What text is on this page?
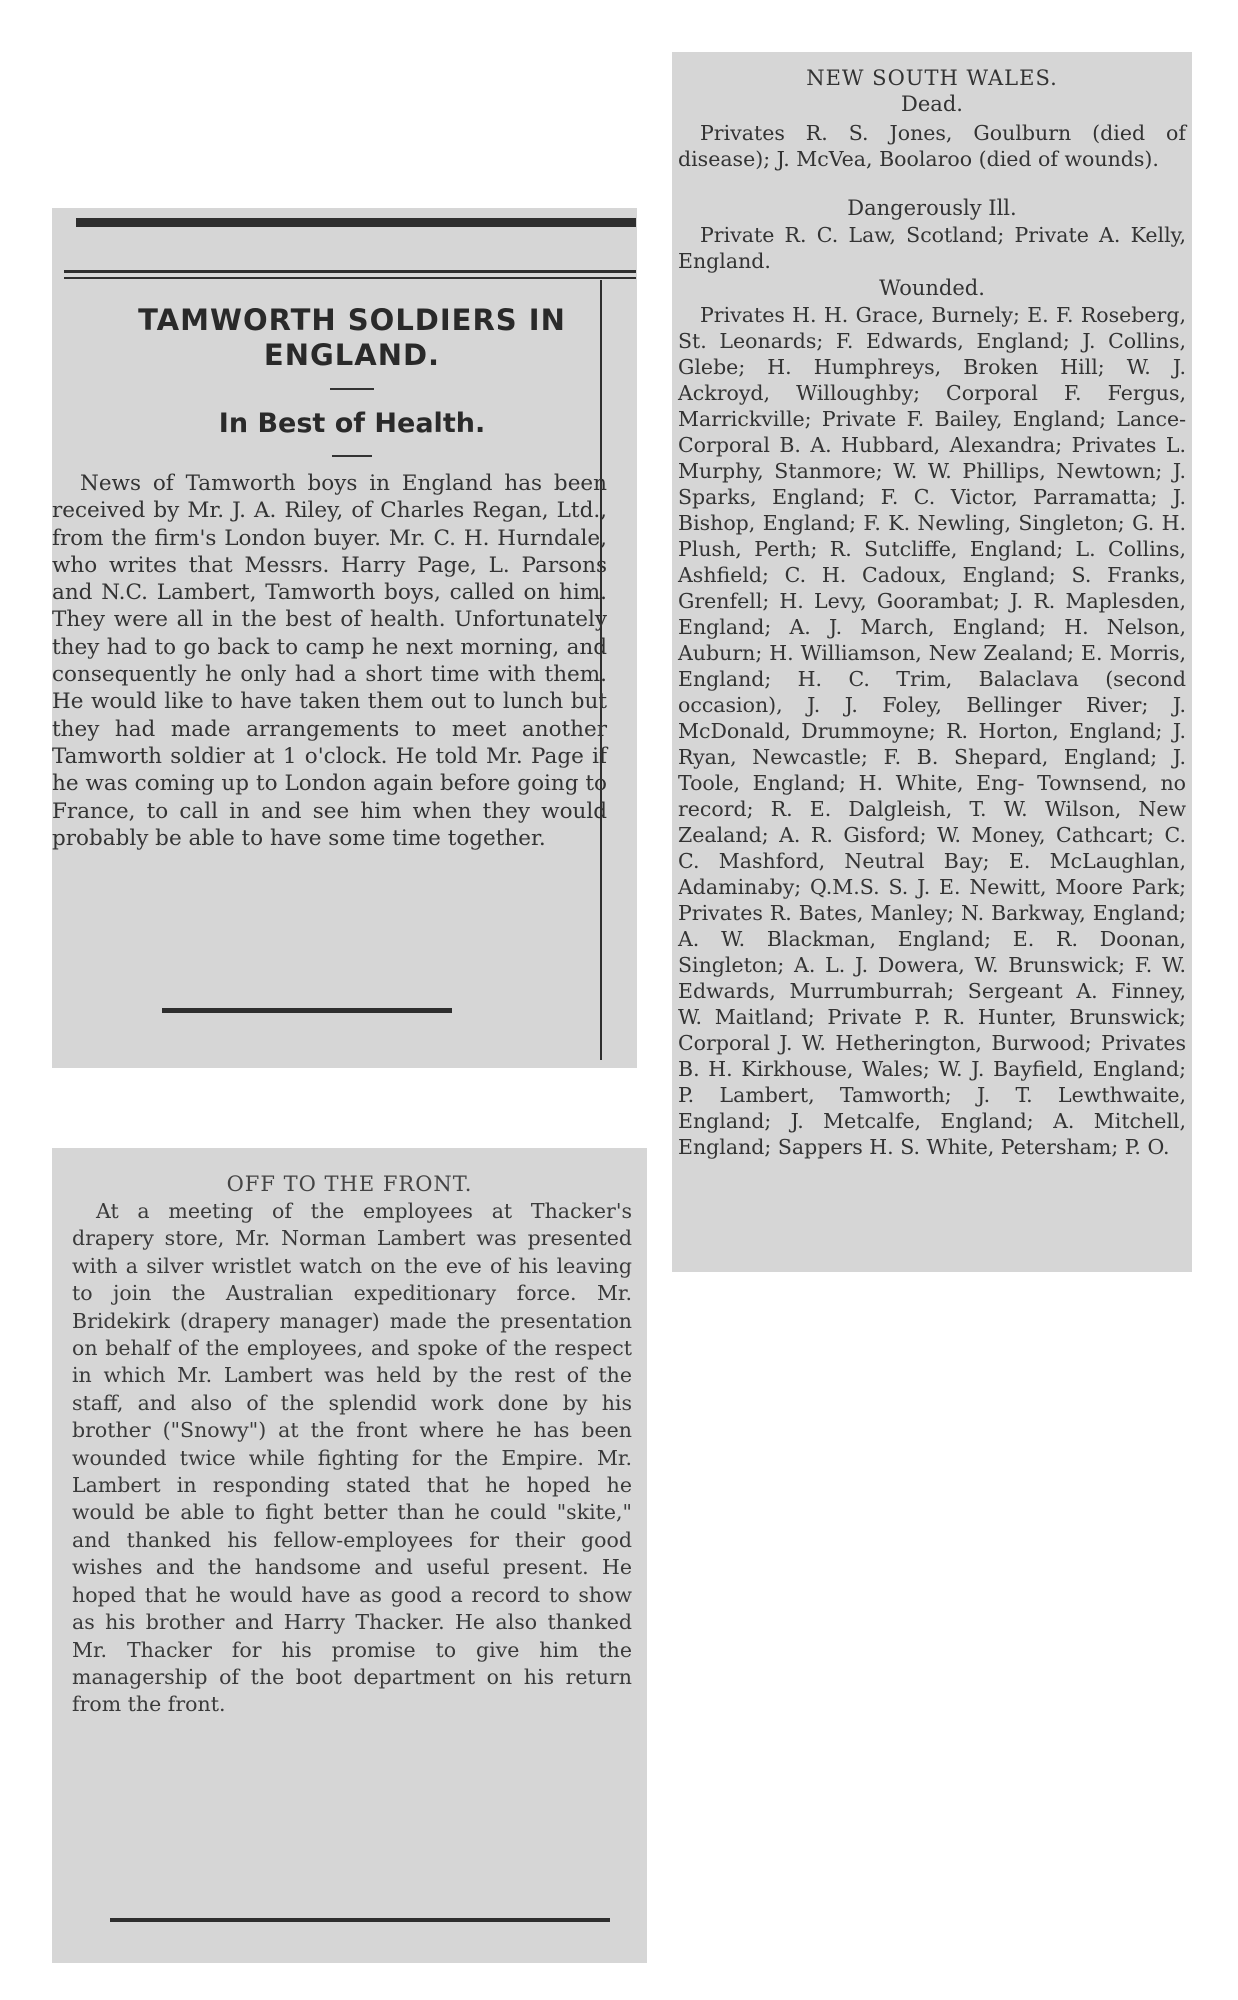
TAMWORTH SOLDIERS IN ENGLAND.
In Best of Health.
News of Tamworth boys in England has been received by Mr. J. A. Riley, of Charles Regan, Ltd., from the firm's London buyer. Mr. C. H. Hurndale, who writes that Messrs. Harry Page, L. Parsons and N.C. Lambert, Tamworth boys, called on him. They were all in the best of health. Unfortunately they had to go back to camp he next morning, and consequently he only had a short time with them. He would like to have taken them out to lunch but they had made arrangements to meet another Tamworth soldier at 1 o'clock. He told Mr. Page if he was coming up to London again before going to France, to call in and see him when they would probably be able to have some time together.
NEW SOUTH WALES.
Dead.
Privates R. S. Jones, Goulburn (died of disease); J. McVea, Boolaroo (died of wounds).
Dangerously Ill.
Private R. C. Law, Scotland; Private A. Kelly, England.
Wounded.
Privates H. H. Grace, Burnely; E. F. Roseberg, St. Leonards; F. Edwards, England; J. Collins, Glebe; H. Humphreys, Broken Hill; W. J. Ackroyd, Willoughby; Corporal F. Fergus, Marrickville; Private F. Bailey, England; Lance-Corporal B. A. Hubbard, Alexandra; Privates L. Murphy, Stanmore; W. W. Phillips, Newtown; J. Sparks, England; F. C. Victor, Parramatta; J. Bishop, England; F. K. Newling, Singleton; G. H. Plush, Perth; R. Sutcliffe, England; L. Collins, Ashfield; C. H. Cadoux, England; S. Franks, Grenfell; H. Levy, Goorambat; J. R. Maplesden, England; A. J. March, England; H. Nelson, Auburn; H. Williamson, New Zealand; E. Morris, England; H. C. Trim, Balaclava (second occasion), J. J. Foley, Bellinger River; J. McDonald, Drummoyne; R. Horton, England; J. Ryan, Newcastle; F. B. Shepard, England; J. Toole, England; H. White, Eng- Townsend, no record; R. E. Dalgleish, T. W. Wilson, New Zealand; A. R. Gisford; W. Money, Cathcart; C. C. Mashford, Neutral Bay; E. McLaughlan, Adaminaby; Q.M.S. S. J. E. Newitt, Moore Park; Privates R. Bates, Manley; N. Barkway, England; A. W. Blackman, England; E. R. Doonan, Singleton; A. L. J. Dowera, W. Brunswick; F. W. Edwards, Murrumburrah; Sergeant A. Finney, W. Maitland; Private P. R. Hunter, Brunswick; Corporal J. W. Hetherington, Burwood; Privates B. H. Kirkhouse, Wales; W. J. Bayfield, England; P. Lambert, Tamworth; J. T. Lewthwaite, England; J. Metcalfe, England; A. Mitchell, England; Sappers H. S. White, Petersham; P. O.
OFF TO THE FRONT.
At a meeting of the employees at Thacker's drapery store, Mr. Norman Lambert was presented with a silver wristlet watch on the eve of his leaving to join the Australian expeditionary force. Mr. Bridekirk (drapery manager) made the presentation on behalf of the employees, and spoke of the respect in which Mr. Lambert was held by the rest of the staff, and also of the splendid work done by his brother ("Snowy") at the front where he has been wounded twice while fighting for the Empire. Mr. Lambert in responding stated that he hoped he would be able to fight better than he could "skite," and thanked his fellow-employees for their good wishes and the handsome and useful present. He hoped that he would have as good a record to show as his brother and Harry Thacker. He also thanked Mr. Thacker for his promise to give him the managership of the boot department on his return from the front.
